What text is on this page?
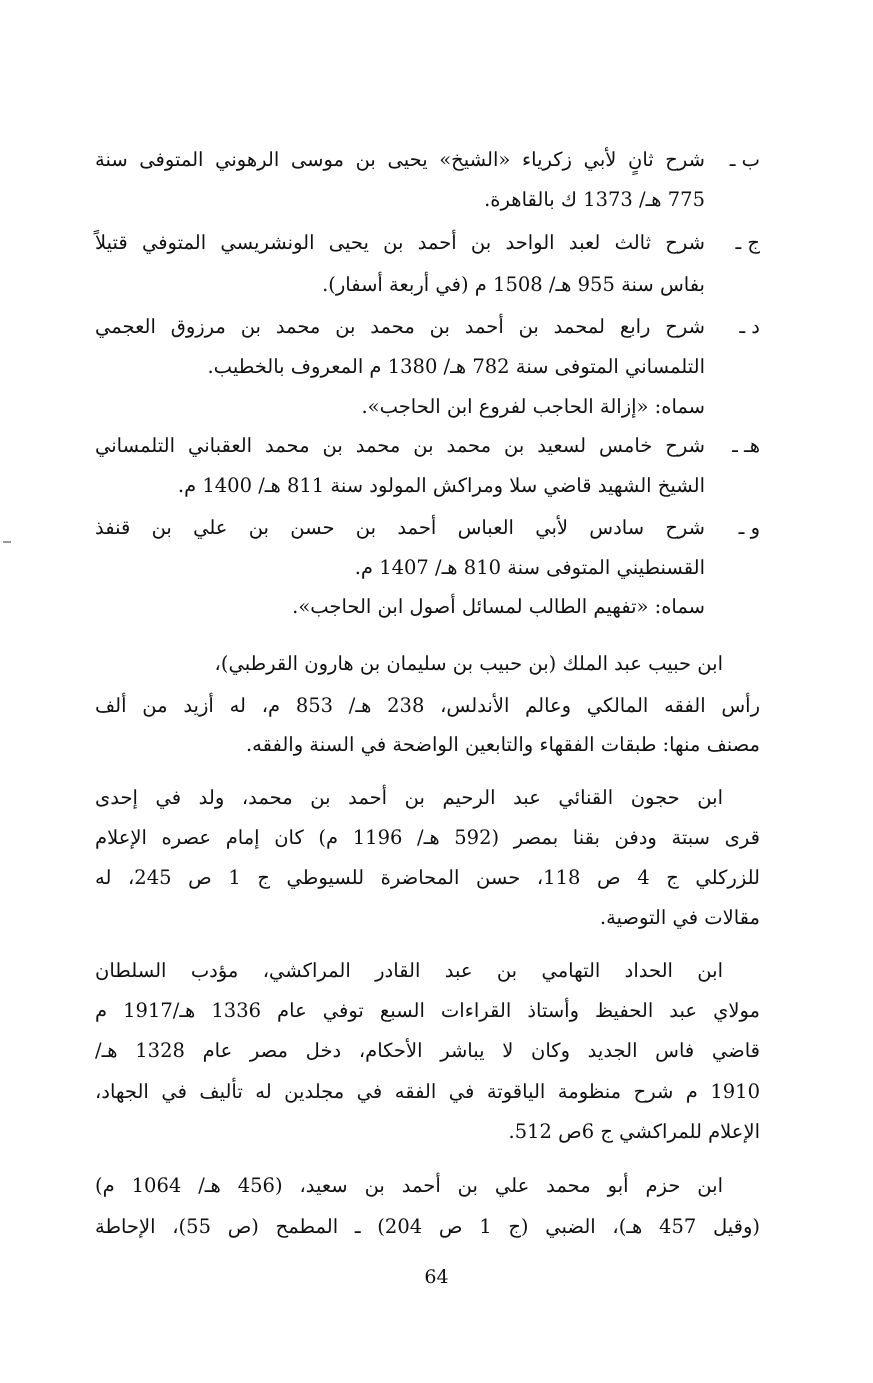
ب ـ
شرح ثانٍ لأبي زكرياء «الشيخ» يحيى بن موسى الرهوني المتوفى سنة
775 هـ/ 1373 ك بالقاهرة.
ج ـ
شرح ثالث لعبد الواحد بن أحمد بن يحيى الونشريسي المتوفي قتيلاً
بفاس سنة 955 هـ/ 1508 م (في أربعة أسفار).
د ـ
شرح رابع لمحمد بن أحمد بن محمد بن محمد بن مرزوق العجمي
التلمساني المتوفى سنة 782 هـ/ 1380 م المعروف بالخطيب.
سماه: «إزالة الحاجب لفروع ابن الحاجب».
هـ ـ
شرح خامس لسعيد بن محمد بن محمد بن محمد العقباني التلمساني
الشيخ الشهيد قاضي سلا ومراكش المولود سنة 811 هـ/ 1400 م.
و ـ
شرح سادس لأبي العباس أحمد بن حسن بن علي بن قنفذ
القسنطيني المتوفى سنة 810 هـ/ 1407 م.
سماه: «تفهيم الطالب لمسائل أصول ابن الحاجب».
ابن حبيب عبد الملك (بن حبيب بن سليمان بن هارون القرطبي)،
رأس الفقه المالكي وعالم الأندلس، 238 هـ/ 853 م، له أزيد من ألف
مصنف منها: طبقات الفقهاء والتابعين الواضحة في السنة والفقه.
ابن حجون القنائي عبد الرحيم بن أحمد بن محمد، ولد في إحدى
قرى سبتة ودفن بقنا بمصر (592 هـ/ 1196 م) كان إمام عصره الإعلام
للزركلي ج 4 ص 118، حسن المحاضرة للسيوطي ج 1 ص 245، له
مقالات في التوصية.
ابن الحداد التهامي بن عبد القادر المراكشي، مؤدب السلطان
مولاي عبد الحفيظ وأستاذ القراءات السبع توفي عام 1336 هـ/1917 م
قاضي فاس الجديد وكان لا يباشر الأحكام، دخل مصر عام 1328 هـ/
1910 م شرح منظومة الياقوتة في الفقه في مجلدين له تأليف في الجهاد،
الإعلام للمراكشي ج 6ص 512.
ابن حزم أبو محمد علي بن أحمد بن سعيد، (456 هـ/ 1064 م)
(وقيل 457 هـ)، الضبي (ج 1 ص 204) ـ المطمح (ص 55)، الإحاطة
64
